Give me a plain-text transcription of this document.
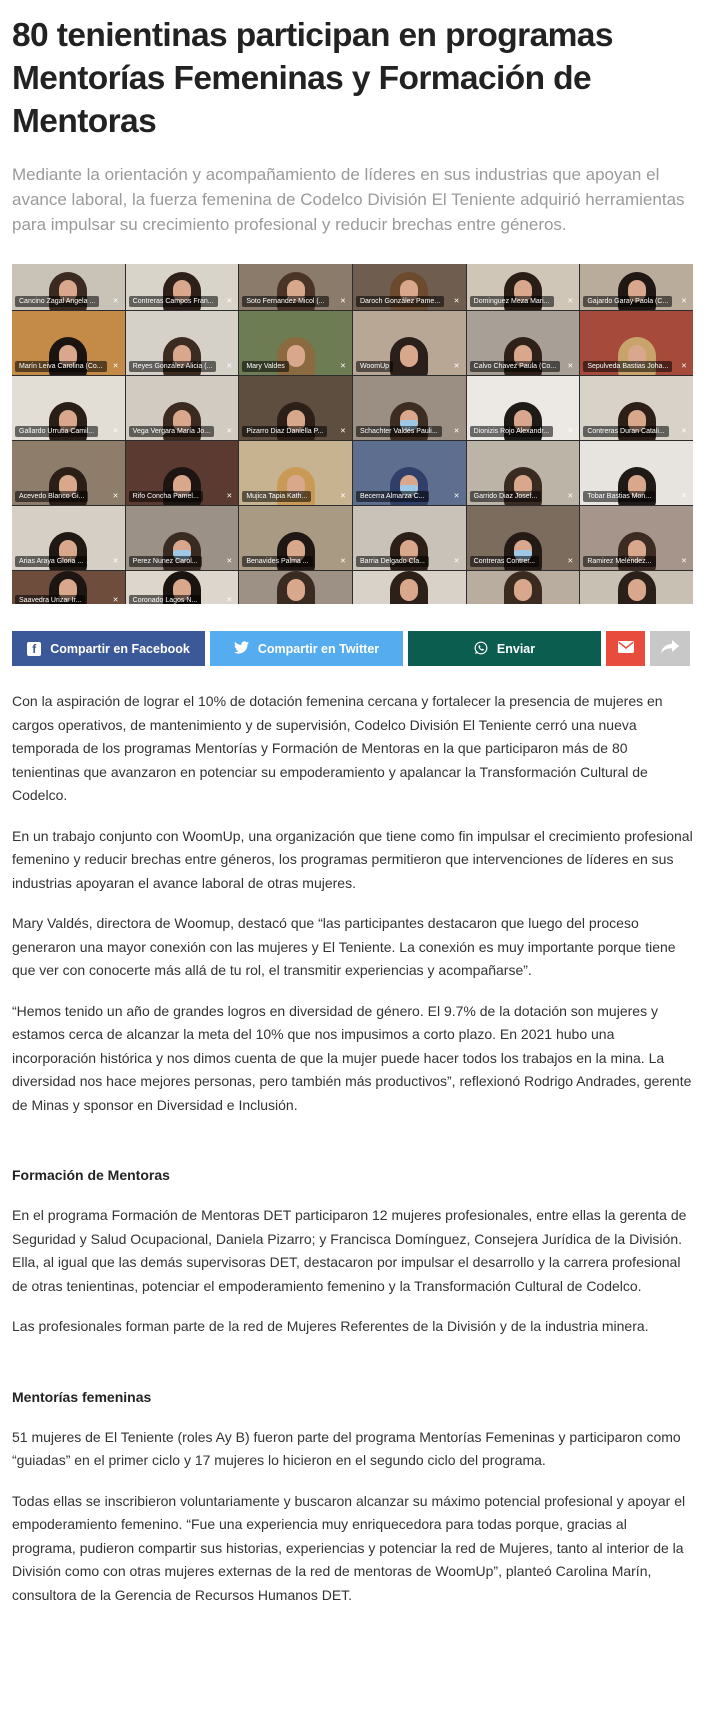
80 tenientinas participan en programas Mentorías Femeninas y Formación de Mentoras

Mediante la orientación y acompañamiento de líderes en sus industrias que apoyan el avance laboral, la fuerza femenina de Codelco División El Teniente adquirió herramientas para impulsar su crecimiento profesional y reducir brechas entre géneros.

Cancino Zagal Angela ...	✕	Contreras Campos Fran...	✕	Soto Fernandez Micol (...	✕	Daroch González Pame...	✕	Dominguez Meza Mari...	✕	Gajardo Garay Paola (C...	✕
Marín Leiva Carolina (Co...	✕	Reyes González Alicia (...	✕	Mary Valdes	✕	WoomUp	✕	Calvo Chavez Paula (Co...	✕	Sepulveda Bastias Joha...	✕
Gallardo Urrutia Camil...	✕	Vega Vergara María Jo...	✕	Pizarro Diaz Daniella P...	✕	Schachter Valdés Pauli...	✕	Dionizis Rojo Alexandr...	✕	Contreras Duran Catali...	✕
Acevedo Blanco Gi...	✕	Rifo Concha Pamel...	✕	Mujica Tapia Kath...	✕	Becerra Almarza C...	✕	Garrido Diaz Josef...	✕	Tobar Bastias Mon...	✕
Arias Araya Gloria ...	✕	Perez Nunez Carol...	✕	Benavides Palma ...	✕	Barria Delgado Cla...	✕	Contreras Contrer...	✕	Ramirez Meléndez...	✕
Saavedra Urizar Ir...	✕	Coronado Lagos N...	✕
f	Compartir en Facebook	Compartir en Twitter	Enviar

Con la aspiración de lograr el 10% de dotación femenina cercana y fortalecer la presencia de mujeres en cargos operativos, de mantenimiento y de supervisión, Codelco División El Teniente cerró una nueva temporada de los programas Mentorías y Formación de Mentoras en la que participaron más de 80 tenientinas que avanzaron en potenciar su empoderamiento y apalancar la Transformación Cultural de Codelco.

En un trabajo conjunto con WoomUp, una organización que tiene como fin impulsar el crecimiento profesional femenino y reducir brechas entre géneros, los programas permitieron que intervenciones de líderes en sus industrias apoyaran el avance laboral de otras mujeres.

Mary Valdés, directora de Woomup, destacó que “las participantes destacaron que luego del proceso generaron una mayor conexión con las mujeres y El Teniente. La conexión es muy importante porque tiene que ver con conocerte más allá de tu rol, el transmitir experiencias y acompañarse”.

“Hemos tenido un año de grandes logros en diversidad de género. El 9.7% de la dotación son mujeres y estamos cerca de alcanzar la meta del 10% que nos impusimos a corto plazo. En 2021 hubo una incorporación histórica y nos dimos cuenta de que la mujer puede hacer todos los trabajos en la mina. La diversidad nos hace mejores personas, pero también más productivos”, reflexionó Rodrigo Andrades, gerente de Minas y sponsor en Diversidad e Inclusión.

Formación de Mentoras

En el programa Formación de Mentoras DET participaron 12 mujeres profesionales, entre ellas la gerenta de Seguridad y Salud Ocupacional, Daniela Pizarro; y Francisca Domínguez, Consejera Jurídica de la División. Ella, al igual que las demás supervisoras DET, destacaron por impulsar el desarrollo y la carrera profesional de otras tenientinas, potenciar el empoderamiento femenino y la Transformación Cultural de Codelco.

Las profesionales forman parte de la red de Mujeres Referentes de la División y de la industria minera.

Mentorías femeninas

51 mujeres de El Teniente (roles Ay B) fueron parte del programa Mentorías Femeninas y participaron como “guiadas” en el primer ciclo y 17 mujeres lo hicieron en el segundo ciclo del programa.

Todas ellas se inscribieron voluntariamente y buscaron alcanzar su máximo potencial profesional y apoyar el empoderamiento femenino. “Fue una experiencia muy enriquecedora para todas porque, gracias al programa, pudieron compartir sus historias, experiencias y potenciar la red de Mujeres, tanto al interior de la División como con otras mujeres externas de la red de mentoras de WoomUp”, planteó Carolina Marín, consultora de la Gerencia de Recursos Humanos DET.
